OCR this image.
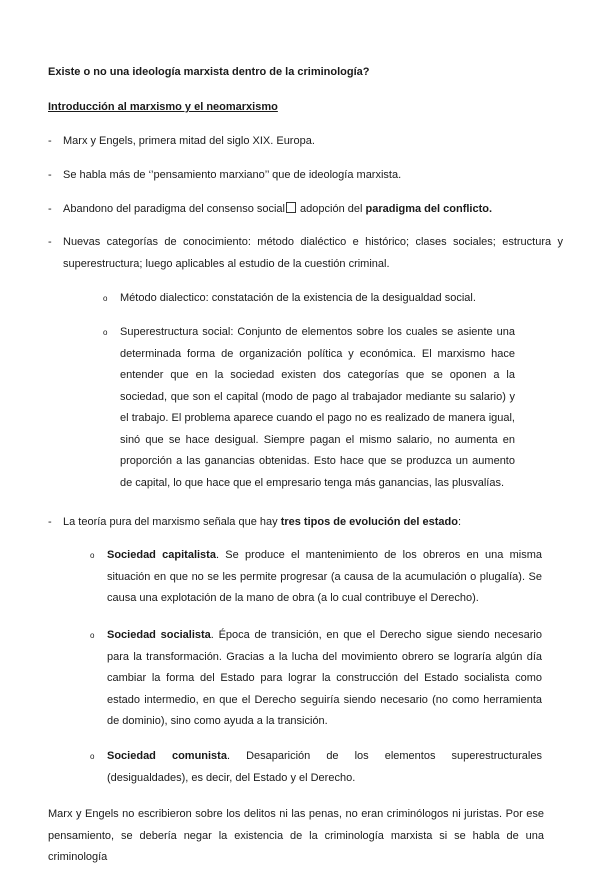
Existe o no una ideología marxista dentro de la criminología?
Introducción al marxismo y el neomarxismo
- Marx y Engels, primera mitad del siglo XIX. Europa.
- Se habla más de ‘’pensamiento marxiano’’ que de ideología marxista.
- Abandono del paradigma del consenso social adopción del paradigma del conflicto.
- Nuevas categorías de conocimiento: método dialéctico e histórico; clases sociales; estructura y superestructura; luego aplicables al estudio de la cuestión criminal.
o Método dialectico: constatación de la existencia de la desigualdad social.
o Superestructura social: Conjunto de elementos sobre los cuales se asiente una determinada forma de organización política y económica. El marxismo hace entender que en la sociedad existen dos categorías que se oponen a la sociedad, que son el capital (modo de pago al trabajador mediante su salario) y el trabajo. El problema aparece cuando el pago no es realizado de manera igual, sinó que se hace desigual. Siempre pagan el mismo salario, no aumenta en proporción a las ganancias obtenidas. Esto hace que se produzca un aumento de capital, lo que hace que el empresario tenga más ganancias, las plusvalías.
- La teoría pura del marxismo señala que hay tres tipos de evolución del estado:
o Sociedad capitalista. Se produce el mantenimiento de los obreros en una misma situación en que no se les permite progresar (a causa de la acumulación o plugalía). Se causa una explotación de la mano de obra (a lo cual contribuye el Derecho).
o Sociedad socialista. Época de transición, en que el Derecho sigue siendo necesario para la transformación. Gracias a la lucha del movimiento obrero se lograría algún día cambiar la forma del Estado para lograr la construcción del Estado socialista como estado intermedio, en que el Derecho seguiría siendo necesario (no como herramienta de dominio), sino como ayuda a la transición.
o Sociedad comunista. Desaparición de los elementos superestructurales (desigualdades), es decir, del Estado y el Derecho.
Marx y Engels no escribieron sobre los delitos ni las penas, no eran criminólogos ni juristas. Por ese pensamiento, se debería negar la existencia de la criminología marxista si se habla de una criminología
